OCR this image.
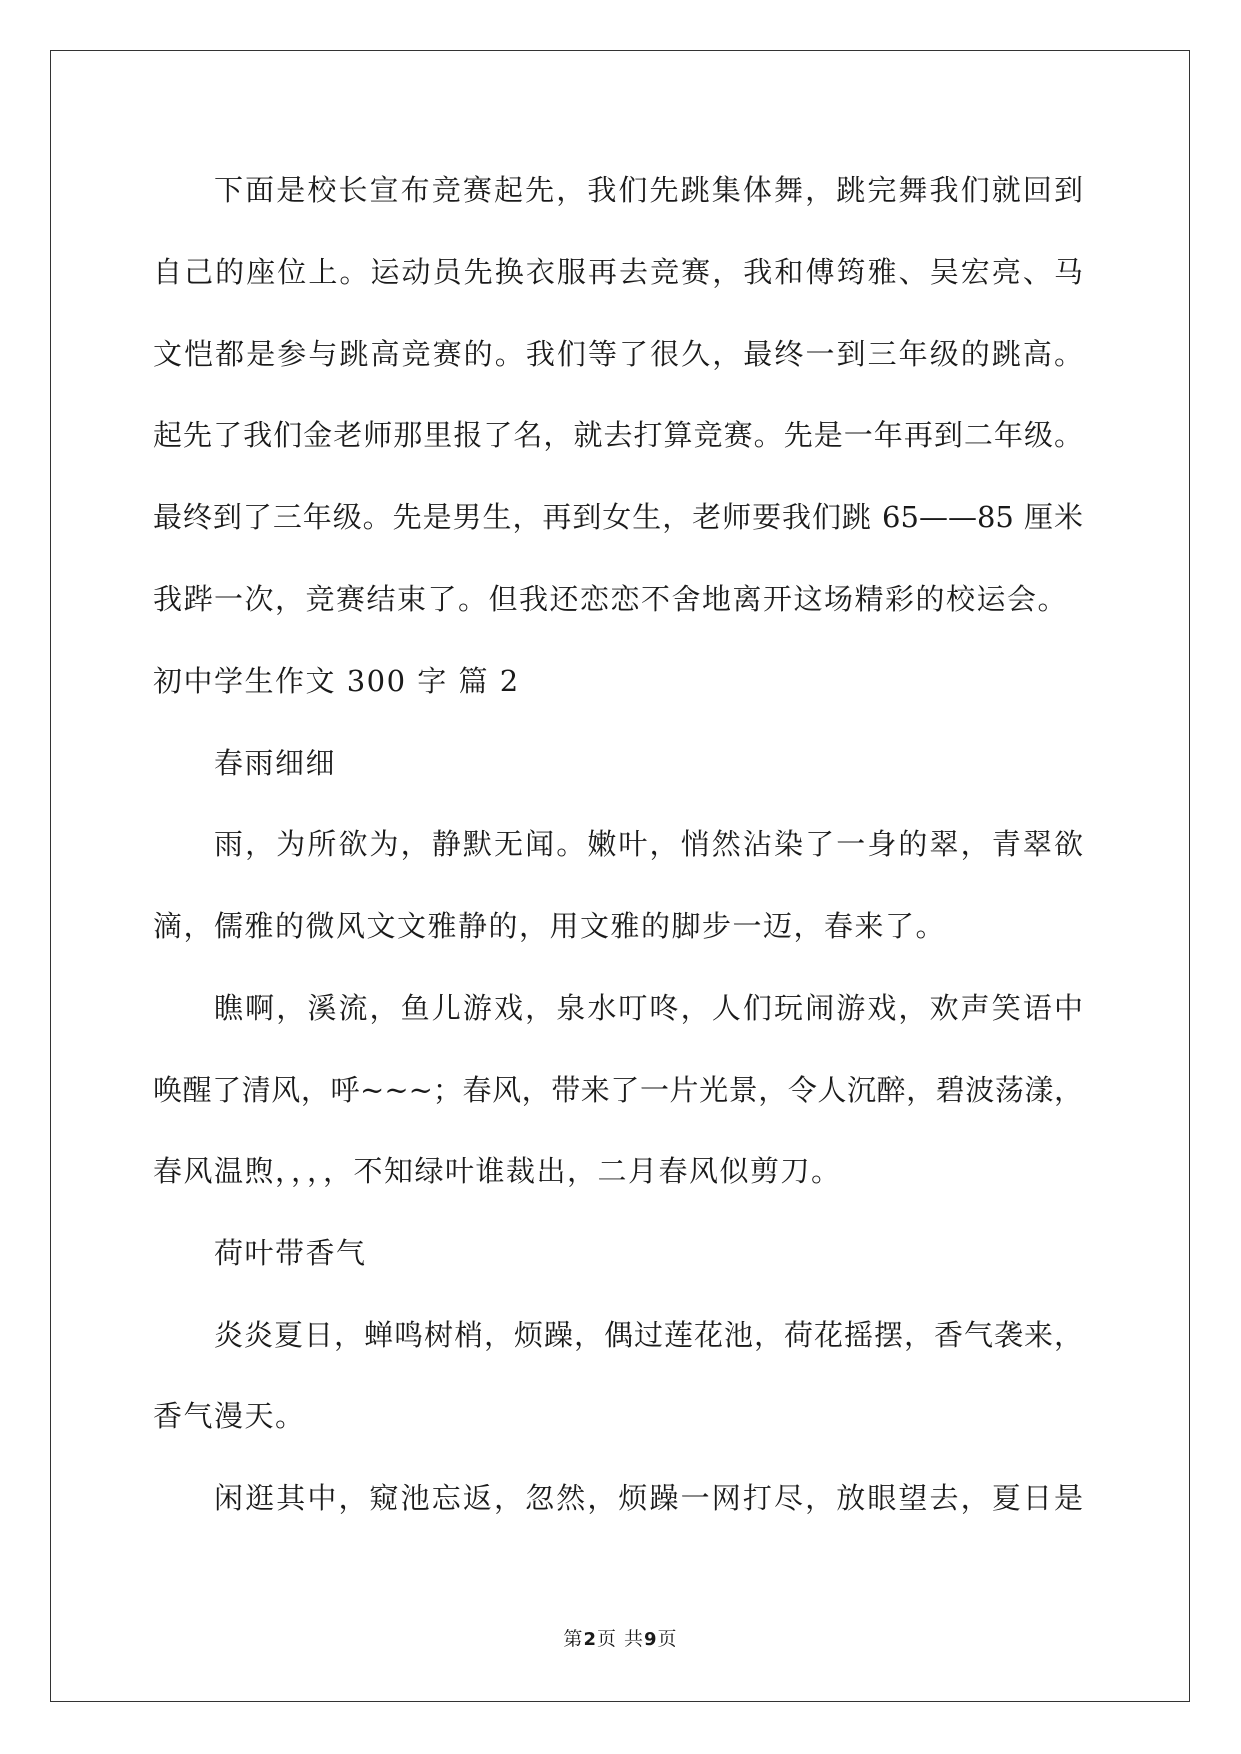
下面是校长宣布竞赛起先，我们先跳集体舞，跳完舞我们就回到
自己的座位上。运动员先换衣服再去竞赛，我和傅筠雅、吴宏亮、马
文恺都是参与跳高竞赛的。我们等了很久，最终一到三年级的跳高。
起先了我们金老师那里报了名，就去打算竞赛。先是一年再到二年级。
最终到了三年级。先是男生，再到女生，老师要我们跳 65——85 厘米
我跸一次，竞赛结束了。但我还恋恋不舍地离开这场精彩的校运会。
初中学生作文 300 字 篇 2
春雨细细
雨，为所欲为，静默无闻。嫩叶，悄然沾染了一身的翠，青翠欲
滴，儒雅的微风文文雅静的，用文雅的脚步一迈，春来了。
瞧啊，溪流，鱼儿游戏，泉水叮咚，人们玩闹游戏，欢声笑语中
唤醒了清风，呼~~~；春风，带来了一片光景，令人沉醉，碧波荡漾，
春风温煦，，，，不知绿叶谁裁出，二月春风似剪刀。
荷叶带香气
炎炎夏日，蝉鸣树梢，烦躁，偶过莲花池，荷花摇摆，香气袭来，
香气漫天。
闲逛其中，窥池忘返，忽然，烦躁一网打尽，放眼望去，夏日是
第2页 共9页
